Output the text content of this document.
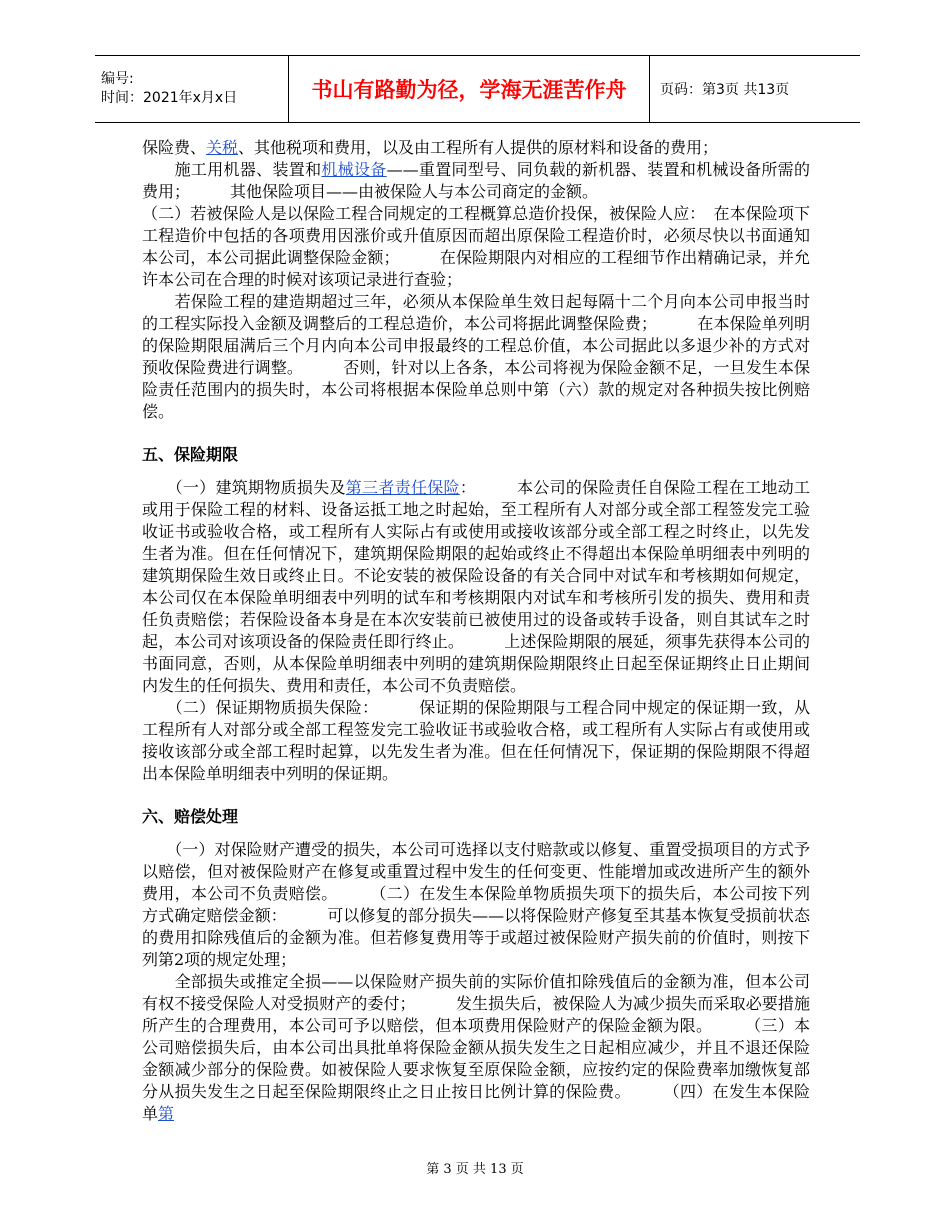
编号:
时间：2021年x月x日	书山有路勤为径，学海无涯苦作舟 页码：第3页 共13页

保险费、关税、其他税项和费用，以及由工程所有人提供的原材料和设备的费用；

　　施工用机器、装置和机械设备——重置同型号、同负载的新机器、装置和机械设备所需的费用；　　　其他保险项目——由被保险人与本公司商定的金额。

（二）若被保险人是以保险工程合同规定的工程概算总造价投保，被保险人应：　在本保险项下工程造价中包括的各项费用因涨价或升值原因而超出原保险工程造价时，必须尽快以书面通知本公司，本公司据此调整保险金额；　　　在保险期限内对相应的工程细节作出精确记录，并允许本公司在合理的时候对该项记录进行查验；

　　若保险工程的建造期超过三年，必须从本保险单生效日起每隔十二个月向本公司申报当时的工程实际投入金额及调整后的工程总造价，本公司将据此调整保险费；　　　在本保险单列明的保险期限届满后三个月内向本公司申报最终的工程总价值，本公司据此以多退少补的方式对预收保险费进行调整。　　　否则，针对以上各条，本公司将视为保险金额不足，一旦发生本保险责任范围内的损失时，本公司将根据本保险单总则中第（六）款的规定对各种损失按比例赔偿。

五、保险期限

　　（一）建筑期物质损失及第三者责任保险：　　　本公司的保险责任自保险工程在工地动工或用于保险工程的材料、设备运抵工地之时起始，至工程所有人对部分或全部工程签发完工验收证书或验收合格，或工程所有人实际占有或使用或接收该部分或全部工程之时终止，以先发生者为准。但在任何情况下，建筑期保险期限的起始或终止不得超出本保险单明细表中列明的建筑期保险生效日或终止日。不论安装的被保险设备的有关合同中对试车和考核期如何规定，本公司仅在本保险单明细表中列明的试车和考核期限内对试车和考核所引发的损失、费用和责任负责赔偿；若保险设备本身是在本次安装前已被使用过的设备或转手设备，则自其试车之时起，本公司对该项设备的保险责任即行终止。　　　上述保险期限的展延，须事先获得本公司的书面同意，否则，从本保险单明细表中列明的建筑期保险期限终止日起至保证期终止日止期间内发生的任何损失、费用和责任，本公司不负责赔偿。

　　（二）保证期物质损失保险：　　　保证期的保险期限与工程合同中规定的保证期一致，从工程所有人对部分或全部工程签发完工验收证书或验收合格，或工程所有人实际占有或使用或接收该部分或全部工程时起算，以先发生者为准。但在任何情况下，保证期的保险期限不得超出本保险单明细表中列明的保证期。

六、赔偿处理

　　（一）对保险财产遭受的损失，本公司可选择以支付赔款或以修复、重置受损项目的方式予以赔偿，但对被保险财产在修复或重置过程中发生的任何变更、性能增加或改进所产生的额外费用，本公司不负责赔偿。　　　（二）在发生本保险单物质损失项下的损失后，本公司按下列方式确定赔偿金额：　　　可以修复的部分损失——以将保险财产修复至其基本恢复受损前状态的费用扣除残值后的金额为准。但若修复费用等于或超过被保险财产损失前的价值时，则按下列第2项的规定处理；

　　全部损失或推定全损——以保险财产损失前的实际价值扣除残值后的金额为准，但本公司有权不接受保险人对受损财产的委付；　　　发生损失后，被保险人为减少损失而采取必要措施所产生的合理费用，本公司可予以赔偿，但本项费用保险财产的保险金额为限。　　　（三）本公司赔偿损失后，由本公司出具批单将保险金额从损失发生之日起相应减少，并且不退还保险金额减少部分的保险费。如被保险人要求恢复至原保险金额，应按约定的保险费率加缴恢复部分从损失发生之日起至保险期限终止之日止按日比例计算的保险费。　　　（四）在发生本保险单第

第 3 页 共 13 页
